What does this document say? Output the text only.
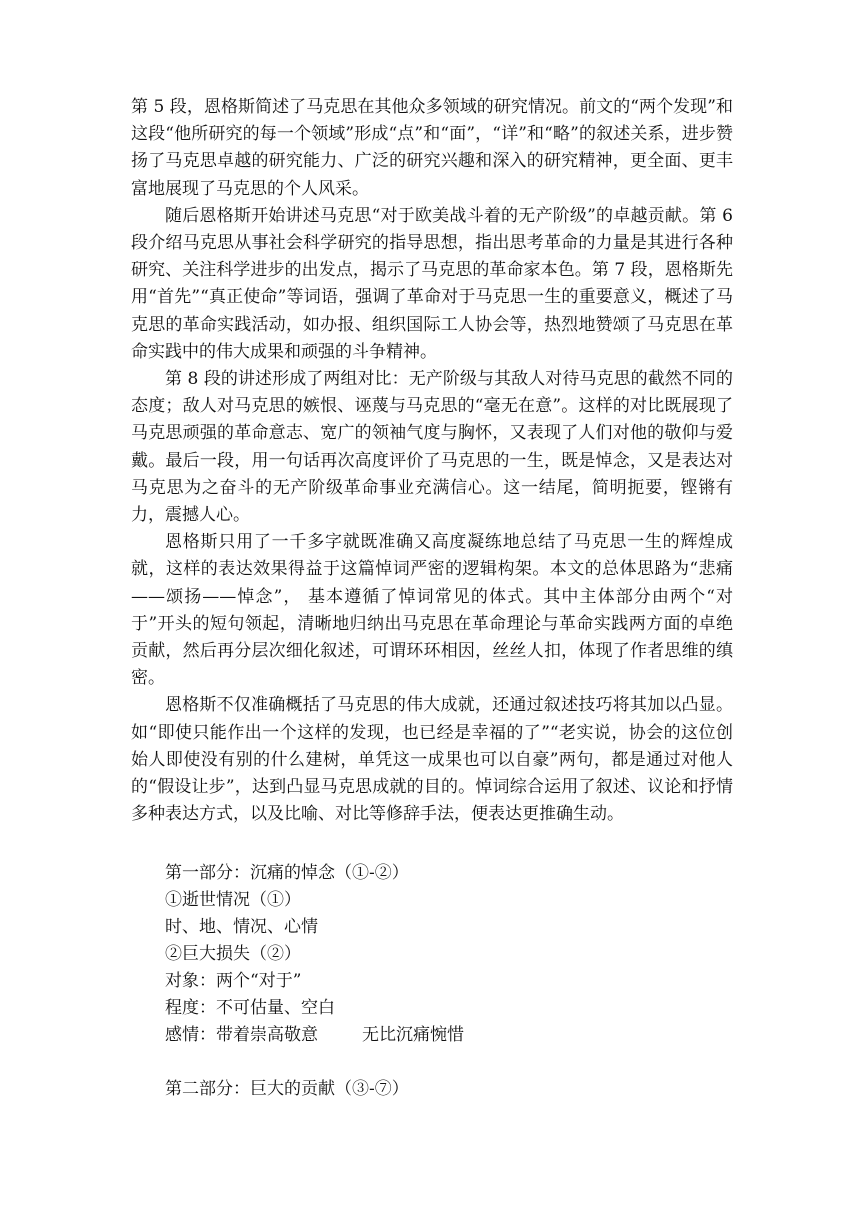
第 5 段，恩格斯简述了马克思在其他众多领域的研究情况。前文的“两个发现”和这段“他所研究的每一个领域”形成“点”和“面”，“详”和“略”的叙述关系，进步赞扬了马克思卓越的研究能力、广泛的研究兴趣和深入的研究精神，更全面、更丰富地展现了马克思的个人风采。

随后恩格斯开始讲述马克思“对于欧美战斗着的无产阶级”的卓越贡献。第 6 段介绍马克思从事社会科学研究的指导思想，指出思考革命的力量是其进行各种研究、关注科学进步的出发点，揭示了马克思的革命家本色。第 7 段，恩格斯先用“首先”“真正使命”等词语，强调了革命对于马克思一生的重要意义，概述了马克思的革命实践活动，如办报、组织国际工人协会等，热烈地赞颂了马克思在革命实践中的伟大成果和顽强的斗争精神。

第 8 段的讲述形成了两组对比：无产阶级与其敌人对待马克思的截然不同的态度；敌人对马克思的嫉恨、诬蔑与马克思的“毫无在意”。这样的对比既展现了马克思顽强的革命意志、宽广的领袖气度与胸怀，又表现了人们对他的敬仰与爱戴。最后一段，用一句话再次高度评价了马克思的一生，既是悼念，又是表达对马克思为之奋斗的无产阶级革命事业充满信心。这一结尾，简明扼要，铿锵有力，震撼人心。

恩格斯只用了一千多字就既准确又高度凝练地总结了马克思一生的辉煌成就，这样的表达效果得益于这篇悼词严密的逻辑构架。本文的总体思路为“悲痛——颂扬——悼念”， 基本遵循了悼词常见的体式。其中主体部分由两个“对于”开头的短句领起，清晰地归纳出马克思在革命理论与革命实践两方面的卓绝贡献，然后再分层次细化叙述，可谓环环相因，丝丝人扣，体现了作者思维的缜密。

恩格斯不仅准确概括了马克思的伟大成就，还通过叙述技巧将其加以凸显。如“即使只能作出一个这样的发现，也已经是幸福的了”“老实说，协会的这位创始人即使没有别的什么建树，单凭这一成果也可以自豪”两句，都是通过对他人的“假设让步”，达到凸显马克思成就的目的。悼词综合运用了叙述、议论和抒情多种表达方式，以及比喻、对比等修辞手法，便表达更推确生动。

第一部分：沉痛的悼念（①-②）
①逝世情况（①）
时、地、情况、心情
②巨大损失（②）
对象：两个“对于”
程度：不可估量、空白
感情：带着崇高敬意	无比沉痛惋惜
第二部分：巨大的贡献（③-⑦）
